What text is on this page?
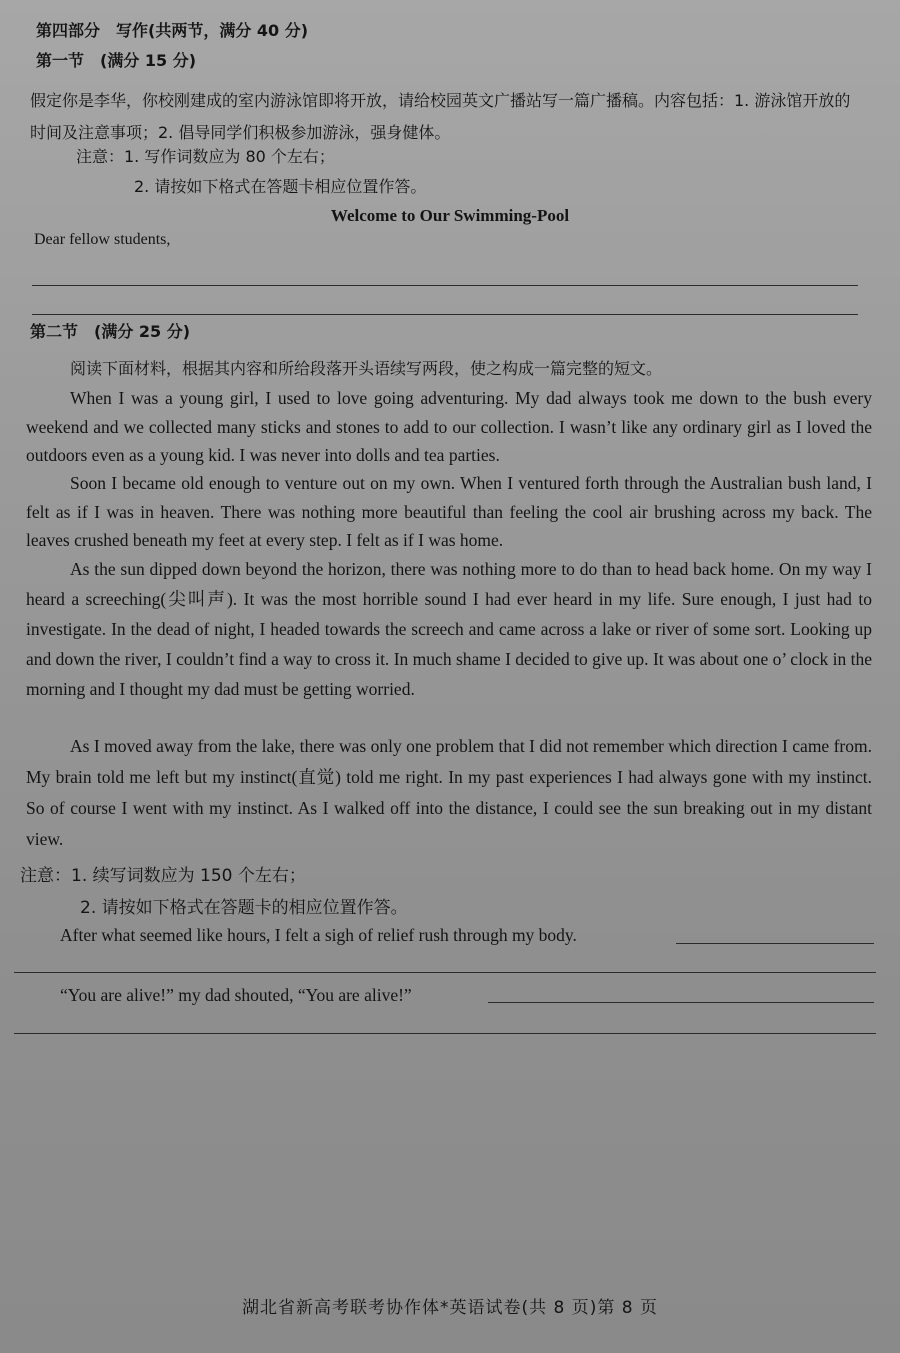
第四部分　写作(共两节，满分 40 分)
第一节　(满分 15 分)
假定你是李华，你校刚建成的室内游泳馆即将开放，请给校园英文广播站写一篇广播稿。内容包括：1. 游泳馆开放的时间及注意事项；2. 倡导同学们积极参加游泳，强身健体。
注意：1. 写作词数应为 80 个左右；
2. 请按如下格式在答题卡相应位置作答。
Welcome to Our Swimming-Pool
Dear fellow students,
第二节　(满分 25 分)
阅读下面材料，根据其内容和所给段落开头语续写两段，使之构成一篇完整的短文。

When I was a young girl, I used to love going adventuring. My dad always took me down to the bush every weekend and we collected many sticks and stones to add to our collection. I wasn’t like any ordinary girl as I loved the outdoors even as a young kid. I was never into dolls and tea parties.

Soon I became old enough to venture out on my own. When I ventured forth through the Australian bush land, I felt as if I was in heaven. There was nothing more beautiful than feeling the cool air brushing across my back. The leaves crushed beneath my feet at every step. I felt as if I was home.

As the sun dipped down beyond the horizon, there was nothing more to do than to head back home. On my way I heard a screeching(尖叫声). It was the most horrible sound I had ever heard in my life. Sure enough, I just had to investigate. In the dead of night, I headed towards the screech and came across a lake or river of some sort. Looking up and down the river, I couldn’t find a way to cross it. In much shame I decided to give up. It was about one o’ clock in the morning and I thought my dad must be getting worried.

As I moved away from the lake, there was only one problem that I did not remember which direction I came from. My brain told me left but my instinct(直觉) told me right. In my past experiences I had always gone with my instinct. So of course I went with my instinct. As I walked off into the distance, I could see the sun breaking out in my distant view.

注意：1. 续写词数应为 150 个左右；
2. 请按如下格式在答题卡的相应位置作答。
After what seemed like hours, I felt a sigh of relief rush through my body.
“You are alive!” my dad shouted, “You are alive!”
湖北省新高考联考协作体*英语试卷(共 8 页)第 8 页
